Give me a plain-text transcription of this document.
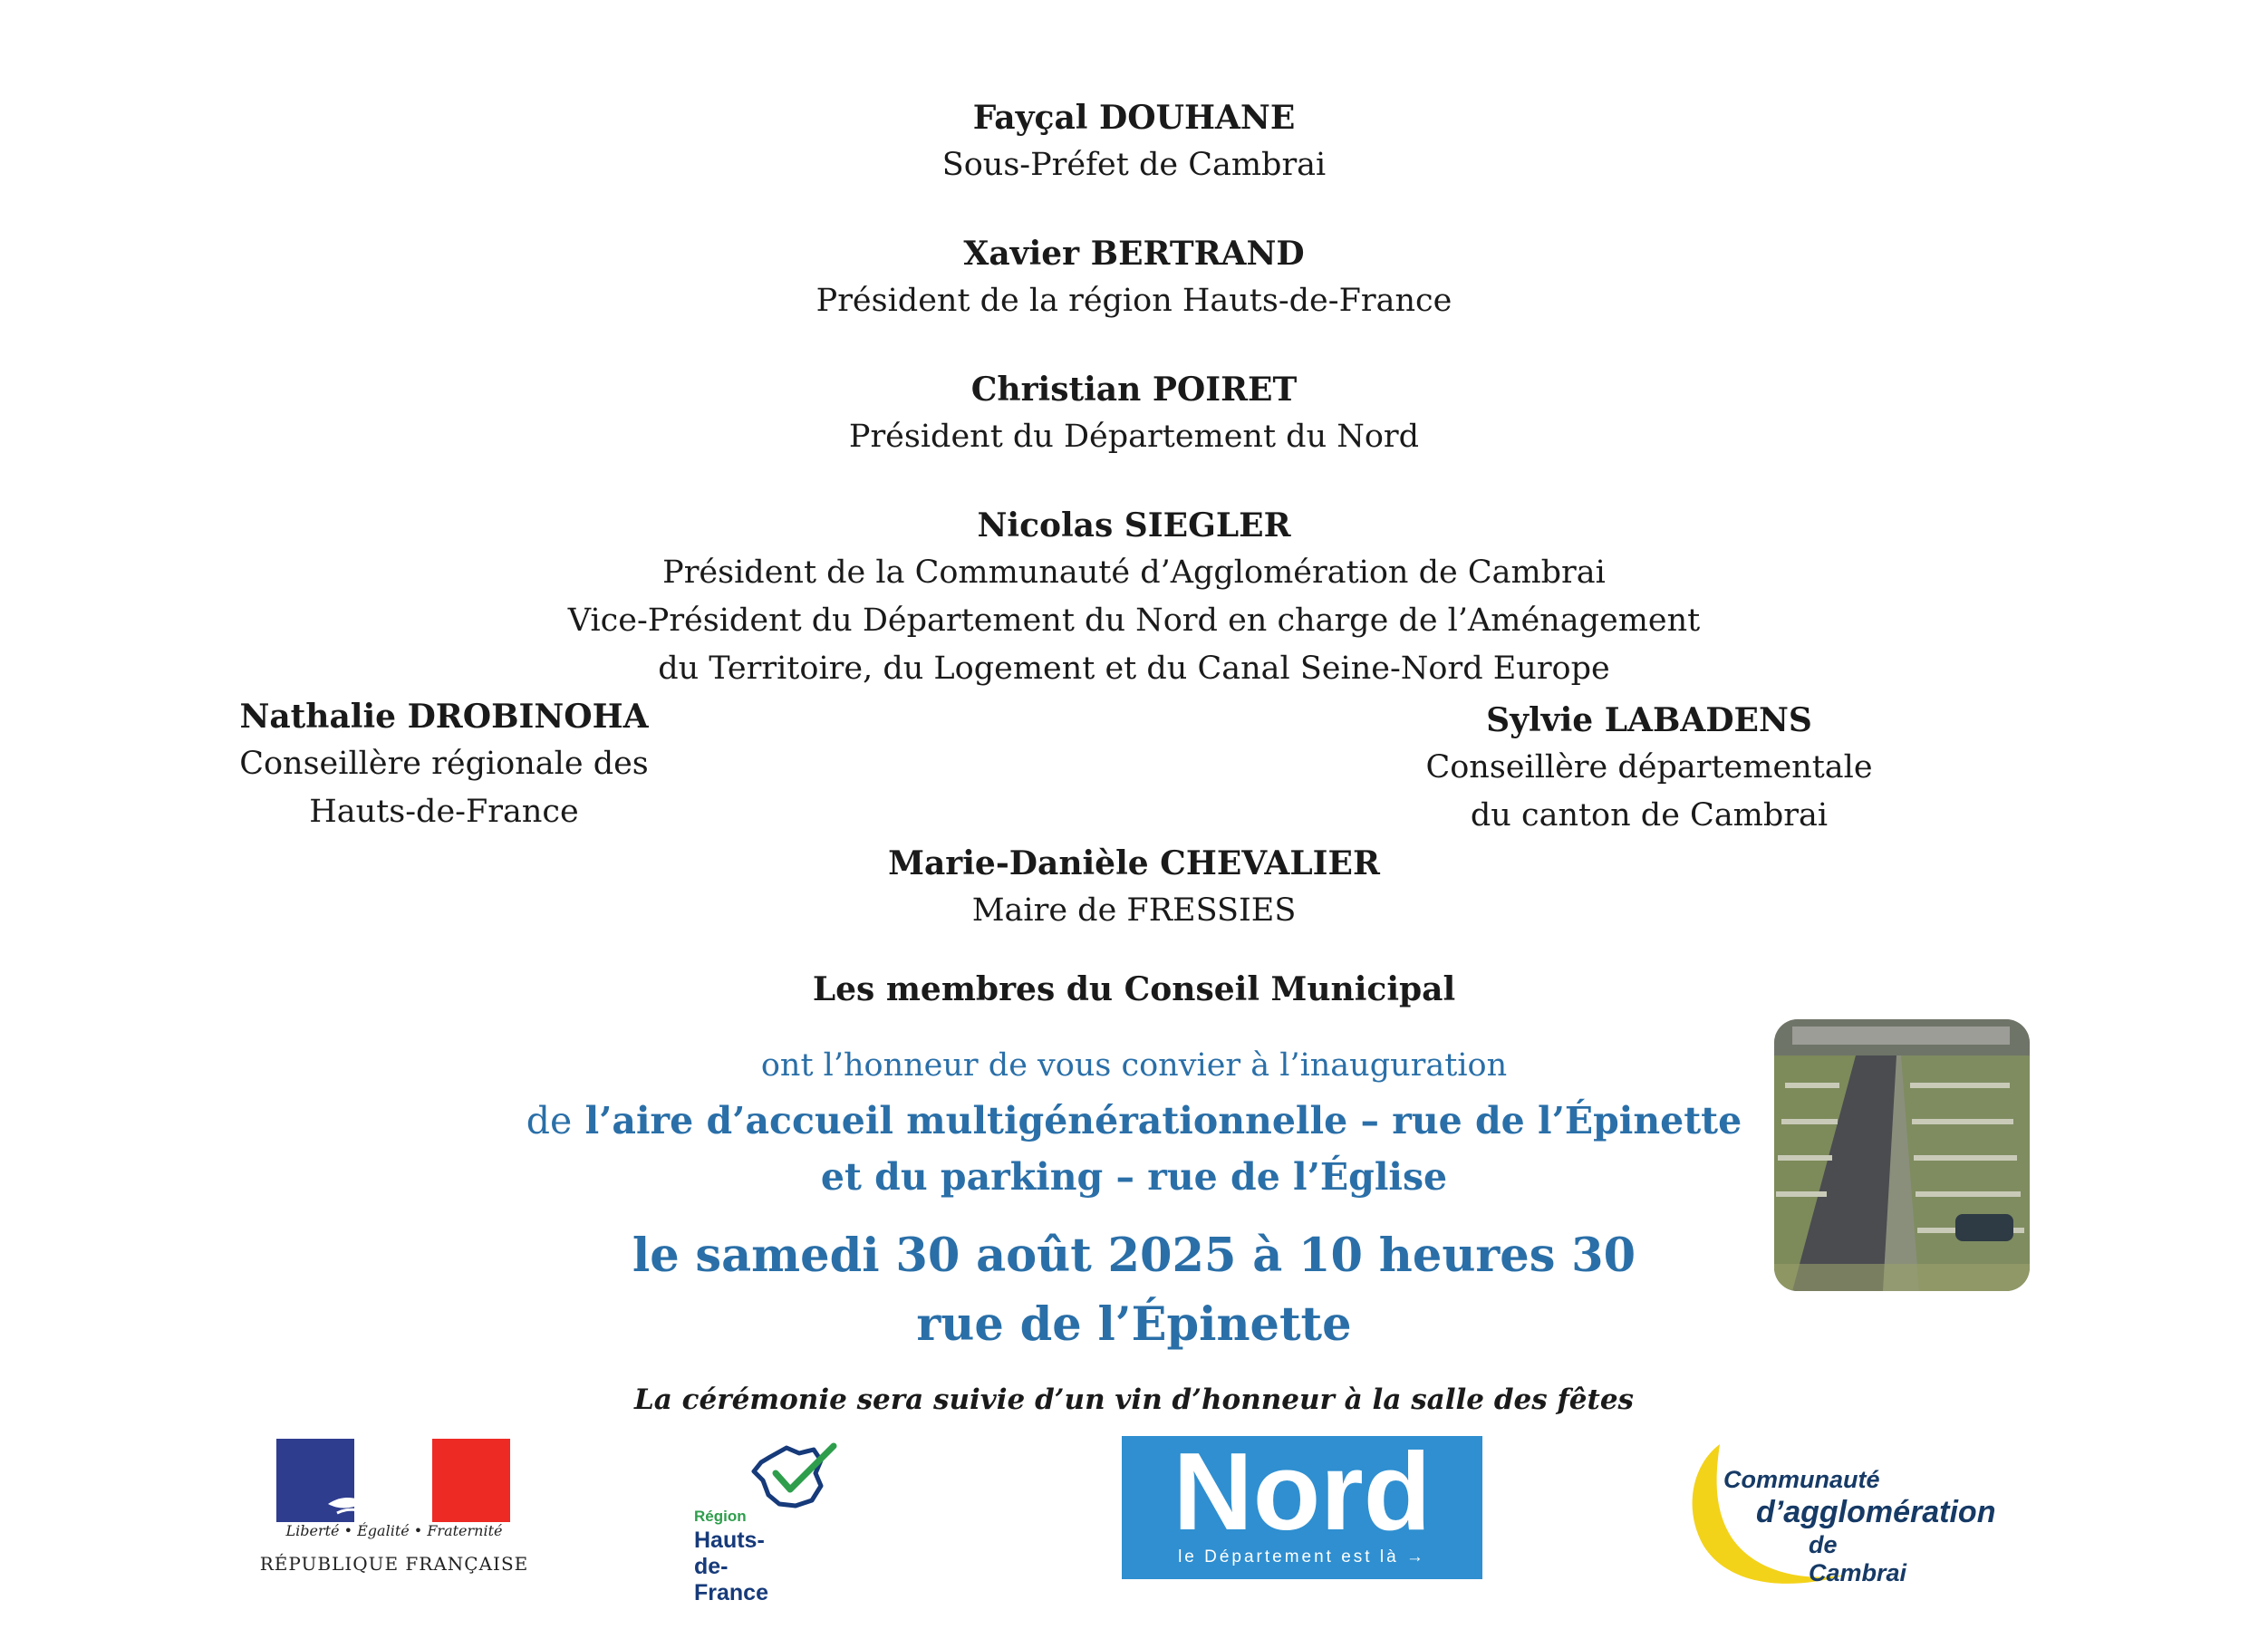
Fayçal DOUHANE
Sous-Préfet de Cambrai
Xavier BERTRAND
Président de la région Hauts-de-France
Christian POIRET
Président du Département du Nord
Nicolas SIEGLER
Président de la Communauté d’Agglomération de Cambrai
Vice-Président du Département du Nord en charge de l’Aménagement
du Territoire, du Logement et du Canal Seine-Nord Europe
Nathalie DROBINOHA
Conseillère régionale des
Hauts-de-France
Sylvie LABADENS
Conseillère départementale
du canton de Cambrai
Marie-Danièle CHEVALIER
Maire de FRESSIES
Les membres du Conseil Municipal
ont l’honneur de vous convier à l’inauguration
de l’aire d’accueil multigénérationnelle – rue de l’Épinette
et du parking – rue de l’Église
le samedi 30 août 2025 à 10 heures 30
rue de l’Épinette
La cérémonie sera suivie d’un vin d’honneur à la salle des fêtes
Liberté • Égalité • Fraternité
RÉPUBLIQUE FRANÇAISE
Région
Hauts-de-France
Nord
le Département est là →
Communauté
d’agglomération
de Cambrai
